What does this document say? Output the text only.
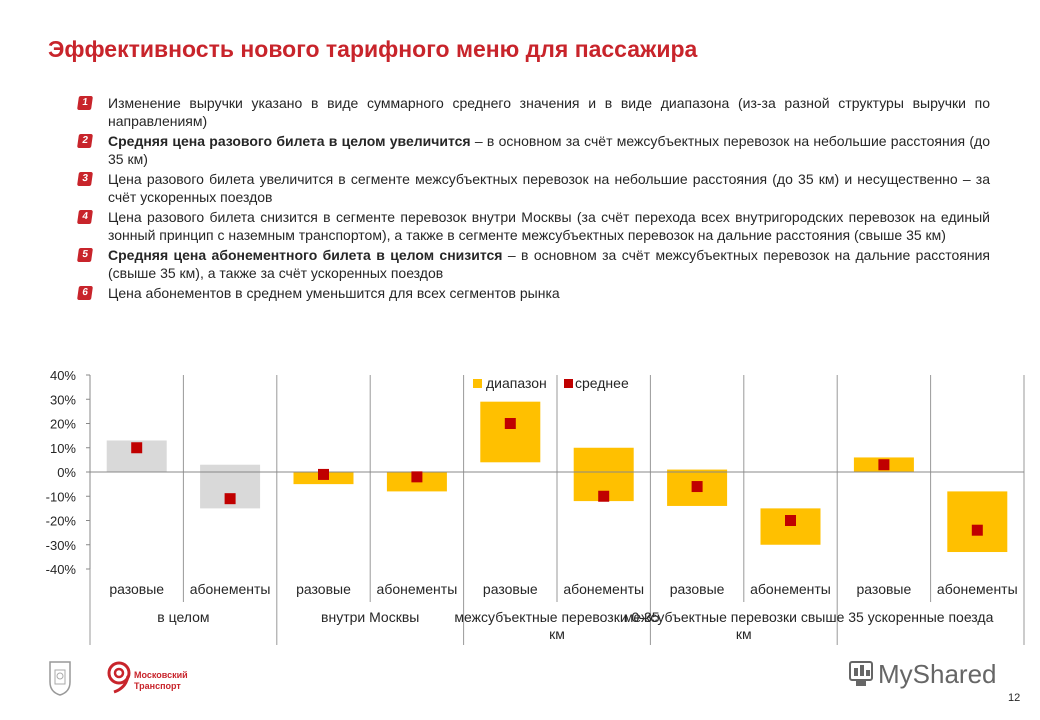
Эффективность нового тарифного меню для пассажира
1	Изменение выручки указано в виде суммарного среднего значения и в виде диапазона (из-за разной структуры выручки по направлениям)
2	Средняя цена разового билета в целом увеличится – в основном за счёт межсубъектных перевозок на небольшие расстояния (до 35 км)
3	Цена разового билета увеличится в сегменте межсубъектных перевозок на небольшие расстояния (до 35 км) и несущественно – за счёт ускоренных поездов
4	Цена разового билета снизится в сегменте перевозок внутри Москвы (за счёт перехода всех внутригородских перевозок на единый зонный принцип с наземным транспортом), а также в сегменте межсубъектных перевозок на дальние расстояния (свыше 35 км)
5	Средняя цена абонементного билета в целом снизится – в основном за счёт межсубъектных перевозок на дальние расстояния (свыше 35 км), а также за счёт ускоренных поездов
6	Цена абонементов в среднем уменьшится для всех сегментов рынка
40%
30%
20%
10%
0%
-10%
-20%
-30%
-40%
разовые абонементы разовые абонементы разовые абонементы разовые абонементы разовые абонементы
в целом	внутри Москвы	межсубъектные перевозки 0-35
км
межсубъектные перевозки свыше 35
км
ускоренные поезда
диапазон среднее
Московский
Транспорт	MyShared
12
